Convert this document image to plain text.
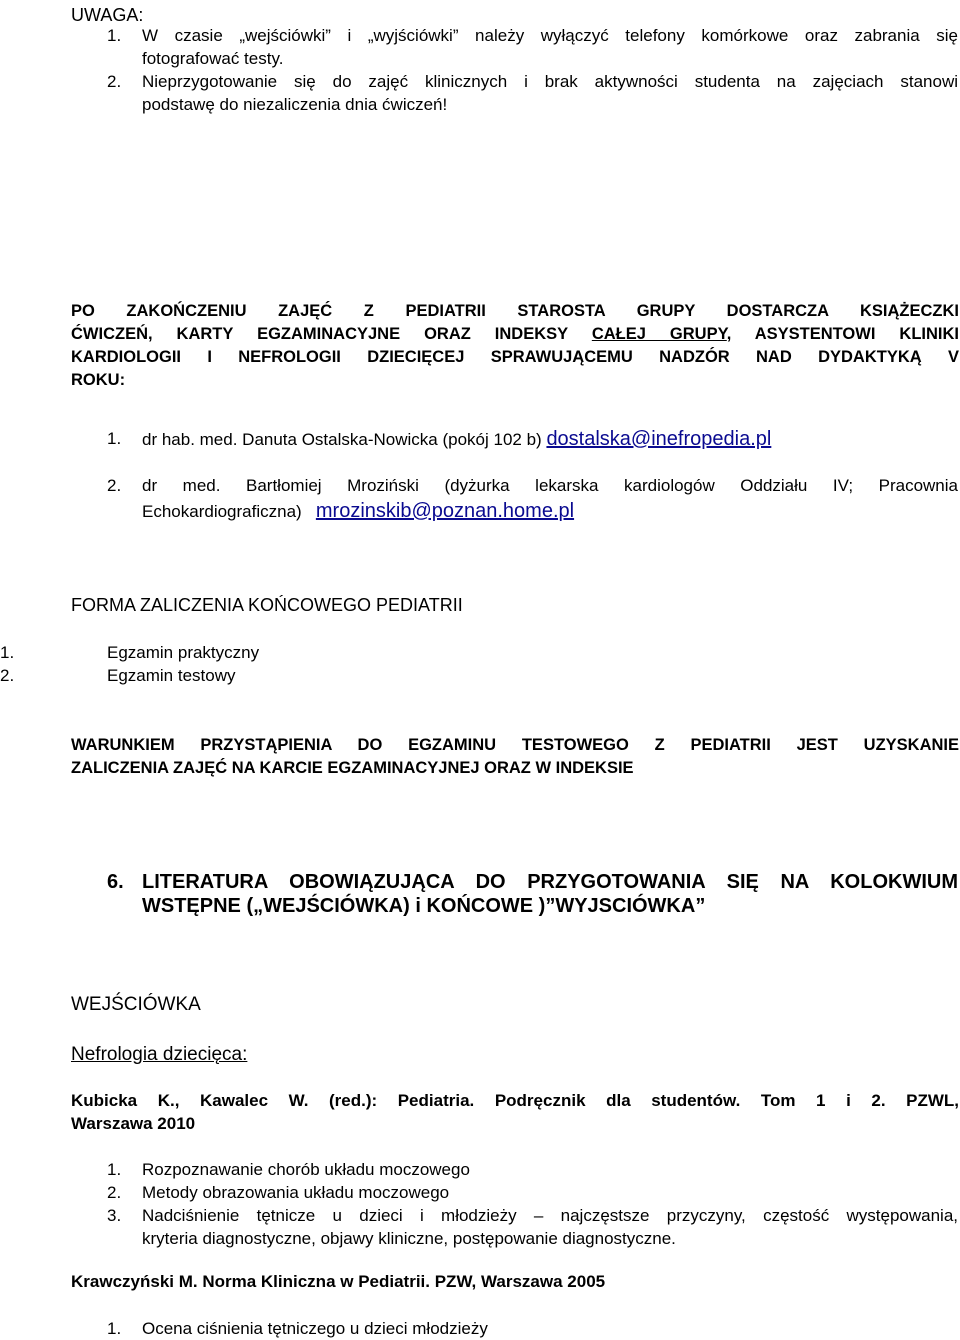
UWAGA:

1. W czasie „wejściówki” i „wyjściówki” należy wyłączyć telefony komórkowe oraz zabrania się

fotografować testy.

2. Nieprzygotowanie się do zajęć klinicznych i brak aktywności studenta na zajęciach stanowi

podstawę do niezaliczenia dnia ćwiczeń!

PO ZAKOŃCZENIU ZAJĘĆ Z PEDIATRII STAROSTA GRUPY DOSTARCZA KSIĄŻECZKI

ĆWICZEŃ, KARTY EGZAMINACYJNE ORAZ INDEKSY CAŁEJ GRUPY, ASYSTENTOWI KLINIKI

KARDIOLOGII I NEFROLOGII DZIECIĘCEJ SPRAWUJĄCEMU NADZÓR NAD DYDAKTYKĄ V

ROKU:

1. dr hab. med. Danuta Ostalska-Nowicka (pokój 102 b) dostalska@inefropedia.pl

2. dr med. Bartłomiej Mroziński (dyżurka lekarska kardiologów Oddziału IV; Pracownia

Echokardiograficzna) mrozinskib@poznan.home.pl

FORMA ZALICZENIA KOŃCOWEGO PEDIATRII

1.	Egzamin praktyczny

2.	Egzamin testowy

WARUNKIEM PRZYSTĄPIENIA DO EGZAMINU TESTOWEGO Z PEDIATRII JEST UZYSKANIE

ZALICZENIA ZAJĘĆ NA KARCIE EGZAMINACYJNEJ ORAZ W INDEKSIE

6. LITERATURA OBOWIĄZUJĄCA DO PRZYGOTOWANIA SIĘ NA KOLOKWIUM

WSTĘPNE („WEJŚCIÓWKA) i KOŃCOWE )”WYJSCIÓWKA”

WEJŚCIÓWKA

Nefrologia dziecięca:

Kubicka K., Kawalec W. (red.): Pediatria. Podręcznik dla studentów. Tom 1 i 2. PZWL,

Warszawa 2010

1. Rozpoznawanie chorób układu moczowego

2. Metody obrazowania układu moczowego

3. Nadciśnienie tętnicze u dzieci i młodzieży – najczęstsze przyczyny, częstość występowania,

kryteria diagnostyczne, objawy kliniczne, postępowanie diagnostyczne.

Krawczyński M. Norma Kliniczna w Pediatrii. PZW, Warszawa 2005

1. Ocena ciśnienia tętniczego u dzieci młodzieży
